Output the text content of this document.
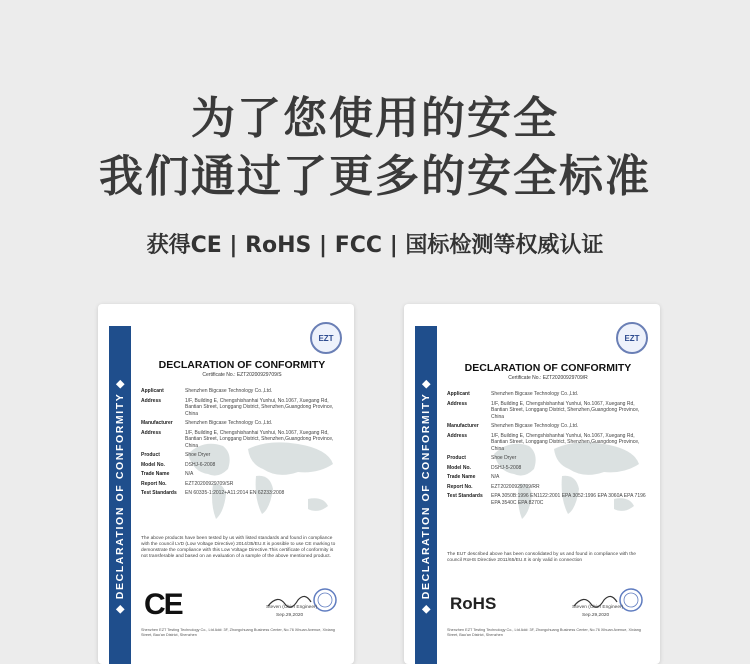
为了您使用的安全
我们通过了更多的安全标准
获得CE | RoHS | FCC | 国标检测等权威认证
◆ DECLARATION OF CONFORMITY ◆
EZT
DECLARATION OF CONFORMITY
Certificate No.: EZT2020092970​9/S
Applicant	Shenzhen Bigcase Technology Co.,Ltd.
Address	1/F, Building E, Chengshishanhai Yunhui, No.1067, Xuegang Rd, Bantian Street, Longgang District, Shenzhen,Guangdong Province, China
Manufacturer	Shenzhen Bigcase Technology Co.,Ltd.
Address	1/F, Building E, Chengshishanhai Yunhui, No.1067, Xuegang Rd, Bantian Street, Longgang District, Shenzhen,Guangdong Province, China
Product	Shoe Dryer
Model No.	DSHJ-6-2008
Trade Name	N/A
Report No.	EZT2020092970​9/SR
Test Standards	EN 60335-1:2012+A11:2014 EN 62233:2008
The above products have been tested by us with listed standards and found in compliance with the council LVD (Low Voltage Directive) 2014/35/EU.It is possible to use CE marking to demonstrate the compliance with this Low Voltage Directive.This certificate of conformity is not transferable and based on an evaluation of a sample of the above mentioned product.
CE	Steven (Chief Engineer)
Sep.29,2020
Shenzhen EZT Testing Technology Co., Ltd Add: 3F, Zhongchuang Business Center, No.76 Xihuan Avenue, Xixiang Street, Bao'an District, Shenzhen
◆ DECLARATION OF CONFORMITY ◆
EZT
DECLARATION OF CONFORMITY
Certificate No.: EZT2020092970​9/R
Applicant	Shenzhen Bigcase Technology Co.,Ltd.
Address	1/F, Building E, Chengshishanhai Yunhui, No.1067, Xuegang Rd, Bantian Street, Longgang District, Shenzhen,Guangdong Province, China
Manufacturer	Shenzhen Bigcase Technology Co.,Ltd.
Address	1/F, Building E, Chengshishanhai Yunhui, No.1067, Xuegang Rd, Bantian Street, Longgang District, Shenzhen,Guangdong Province, China
Product	Shoe Dryer
Model No.	DSHJ-5-2008
Trade Name	N/A
Report No.	EZT2020092970​9/RR
Test Standards	EPA 3050B:1996 EN1122:2001 EPA 3052:1996 EPA 3060A EPA 7196 EPA 3540C EPA 8270C
The EUT described above has been consolidated by us and found in compliance with the council RoHS Directive 2011/65/EU.It is only valid in connection
RoHS	Steven (Chief Engineer)
Sep.29,2020
Shenzhen EZT Testing Technology Co., Ltd Add: 3F, Zhongchuang Business Center, No.76 Xihuan Avenue, Xixiang Street, Bao'an District, Shenzhen
